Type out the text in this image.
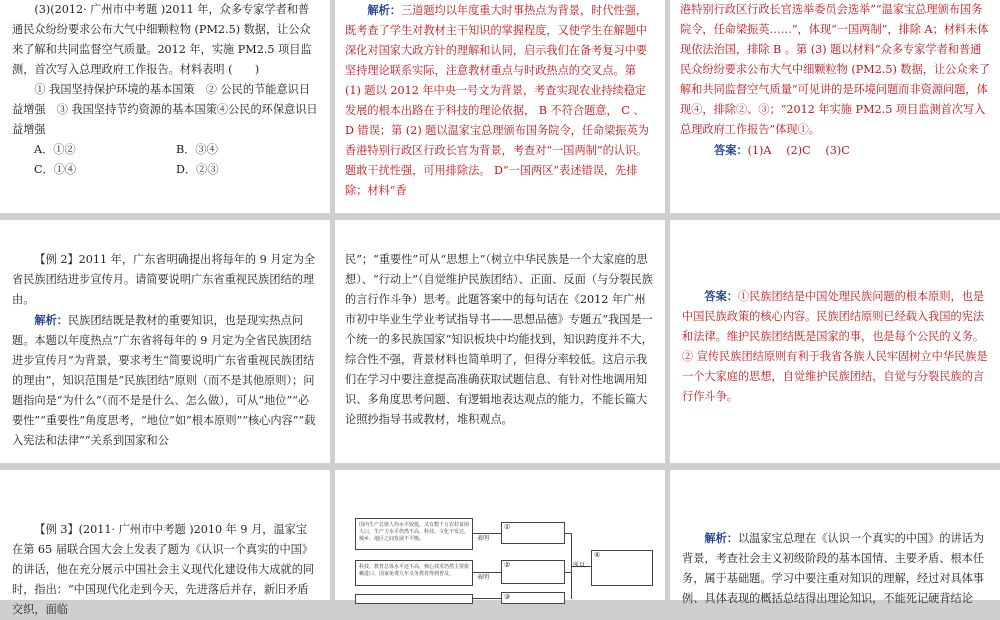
(3)(2012· 广州市中考题 )2011 年，众多专家学者和普通民众纷纷要求公布大气中细颗粒物 (PM2.5) 数据，让公众来了解和共同监督空气质量。2012 年，实施 PM2.5 项目监测，首次写入总理政府工作报告。材料表明 (　　)

① 我国坚持保护环境的基本国策　② 公民的节能意识日益增强　③ 我国坚持节约资源的基本国策④公民的环保意识日益增强

A．①②	B．③④
C．①④	D．②③

解析：三道题均以年度重大时事热点为背景，时代性强，既考查了学生对教材主干知识的掌握程度，又使学生在解题中深化对国家大政方针的理解和认同，启示我们在备考复习中要坚持理论联系实际，注意教材重点与时政热点的交叉点。第 (1) 题以 2012 年中央一号文为背景，考查实现农业持续稳定发展的根本出路在于科技的理论依据， B 不符合题意， C 、 D 错误；第 (2) 题以温家宝总理颁布国务院令，任命梁振英为香港特别行政区行政长官为背景，考查对“一国两制”的认识。题敢干扰性强，可用排除法。 D“一国两区”表述错误，先排除；材料“香

港特别行政区行政长官选举委员会选举”“温家宝总理颁布国务院令，任命梁振英……”，体现“一国两制”，排除 A；材料未体现依法治国，排除 B 。第 (3) 题以材料“众多专家学者和普通民众纷纷要求公布大气中细颗粒物 (PM2.5) 数据，让公众来了解和共同监督空气质量”可见讲的是环境问题而非资源问题，体现④，排除②、③；“2012 年实施 PM2.5 项目监测首次写入总理政府工作报告”体现①。

答案：(1)A　 (2)C　 (3)C

【例 2】2011 年，广东省明确提出将每年的 9 月定为全省民族团结进步宣传月。请简要说明广东省重视民族团结的理由。

解析：民族团结既是教材的重要知识，也是现实热点问题。本题以年度热点“广东省将每年的 9 月定为全省民族团结进步宣传月”为背景，要求考生“简要说明广东省重视民族团结的理由”，知识范围是“民族团结”原则（而不是其他原则）；问题指向是“为什么”（而不是是什么、怎么做），可从“地位”“必要性”“重要性”角度思考，“地位”如“根本原则”“核心内容”“载入宪法和法律”“关系到国家和公

民”；“重要性”可从“思想上”（树立中华民族是一个大家庭的思想）、“行动上”（自觉维护民族团结）、正面、反面（与分裂民族的言行作斗争）思考。此题答案中的每句话在《2012 年广州市初中毕业生学业考试指导书——思想品德》专题五“我国是一个统一的多民族国家”知识板块中均能找到，知识跨度并不大，综合性不强，背景材料也简单明了，但得分率较低。这启示我们在学习中要注意提高准确获取试题信息、有针对性地调用知识、多角度思考问题、有逻辑地表达观点的能力，不能长篇大论照抄指导书或教材，堆积观点。

答案：①民族团结是中国处理民族问题的根本原则，也是中国民族政策的核心内容。民族团结原则已经载入我国的宪法和法律。维护民族团结既是国家的事，也是每个公民的义务。② 宣传民族团结原则有利于我省各族人民牢固树立中华民族是一个大家庭的思想，自觉维护民族团结，自觉与分裂民族的言行作斗争。

【例 3】(2011· 广州市中考题 )2010 年 9 月，温家宝在第 65 届联合国大会上发表了题为《认识一个真实的中国》的讲话，他在充分展示中国社会主义现代化建设伟大成就的同时，指出：“中国现代化走到今天，先进落后并存，新旧矛盾交织，面临

国内生产总值人均水平较低，又有数千万农村贫困人口，生产力水平仍然不高，科技、文化不发达，城乡、地区之间发展不平衡。
科技、教育总体水平还不高，核心技术仍然主要依赖进口。国家免费九年义务教育得到普及。
表明
表明
①
②
③
所以
④

解析：以温家宝总理在《认识一个真实的中国》的讲话为背景，考查社会主义初级阶段的基本国情、主要矛盾、根本任务，属于基础题。学习中要注重对知识的理解，经过对具体事例、具体表现的概括总结得出理论知识，不能死记硬背结论
